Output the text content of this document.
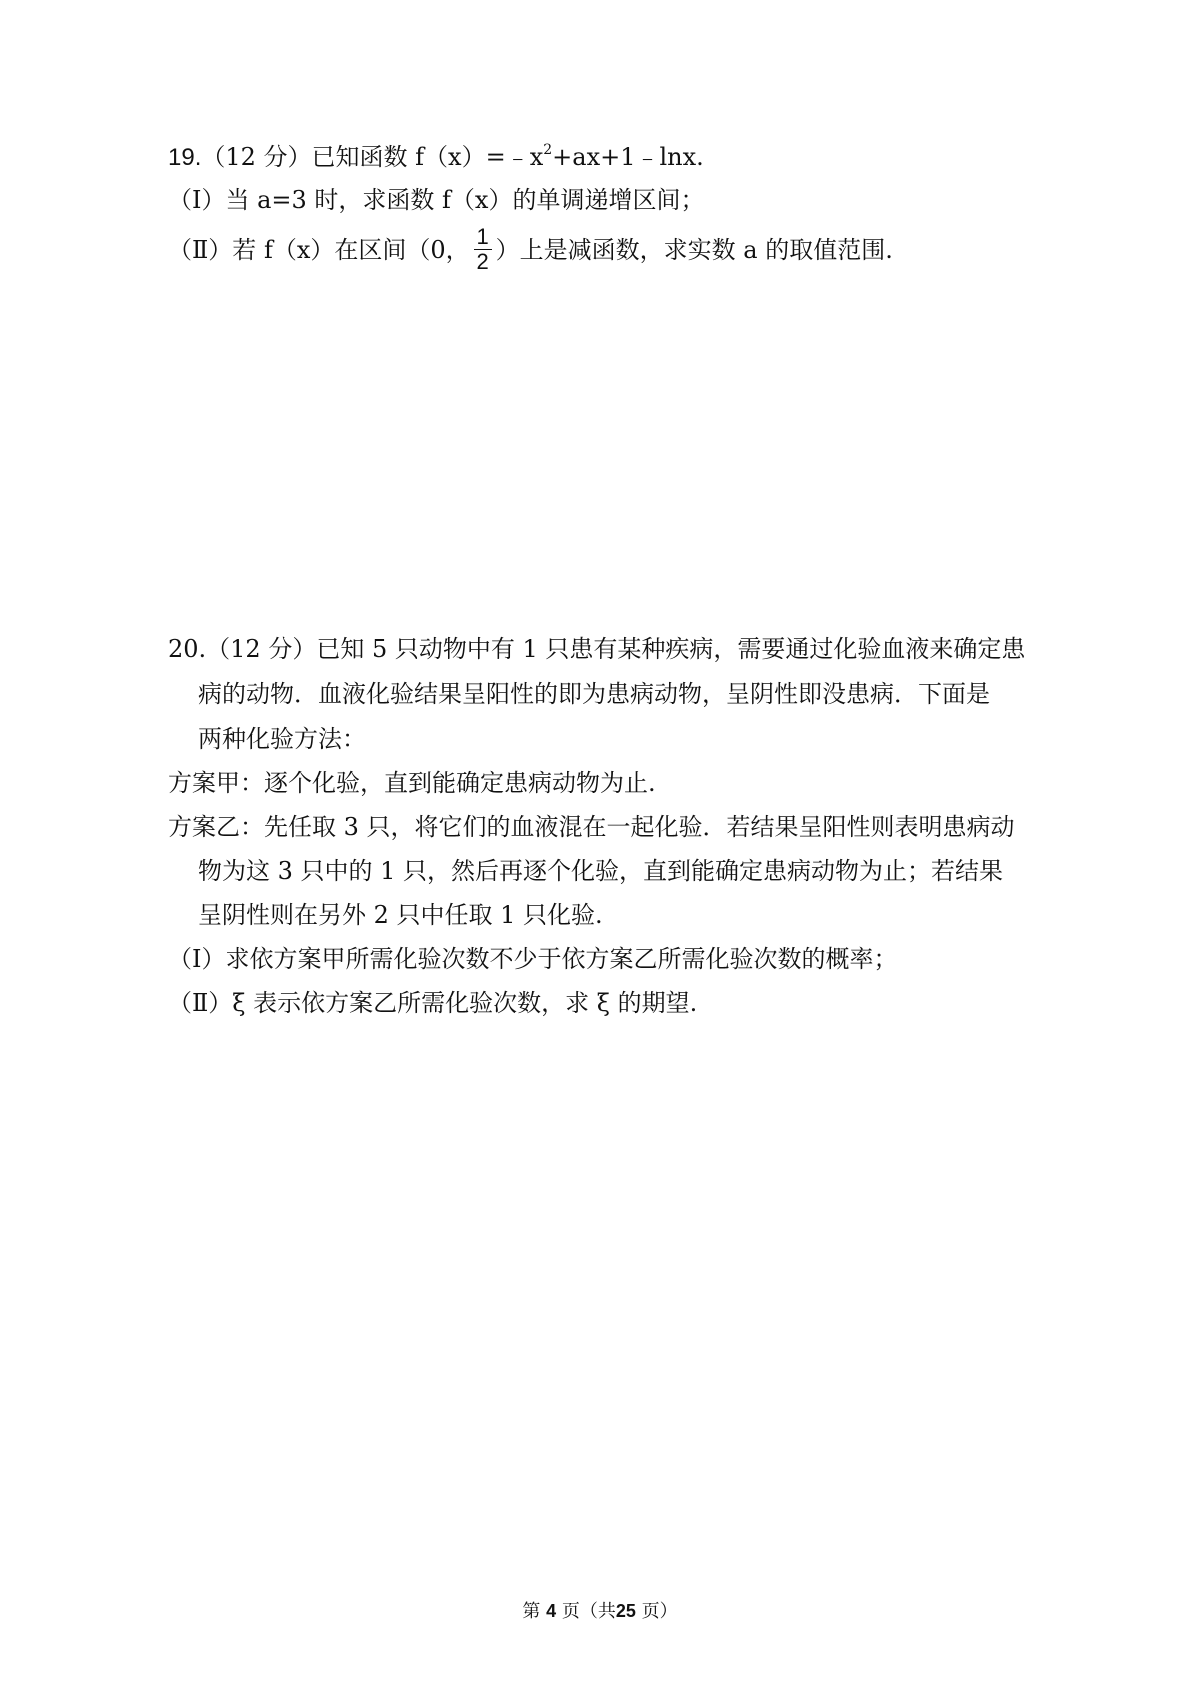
19.（12 分）已知函数 $f(x)=﹣x^2+ax+1﹣\ln x$.
（Ⅰ）当 a=3 时，求函数 f（x）的单调递增区间；
（Ⅱ）若 f（x）在区间（0， $\frac{1}{2}$ ）上是减函数，求实数 a 的取值范围.
20.（12 分）已知 5 只动物中有 1 只患有某种疾病，需要通过化验血液来确定患
病的动物．血液化验结果呈阳性的即为患病动物，呈阴性即没患病．下面是
两种化验方法：
方案甲：逐个化验，直到能确定患病动物为止.
方案乙：先任取 3 只，将它们的血液混在一起化验．若结果呈阳性则表明患病动
物为这 3 只中的 1 只，然后再逐个化验，直到能确定患病动物为止；若结果
呈阴性则在另外 2 只中任取 1 只化验.
（Ⅰ）求依方案甲所需化验次数不少于依方案乙所需化验次数的概率；
（Ⅱ）ξ 表示依方案乙所需化验次数，求 ξ 的期望.
第 4 页（共25 页）
